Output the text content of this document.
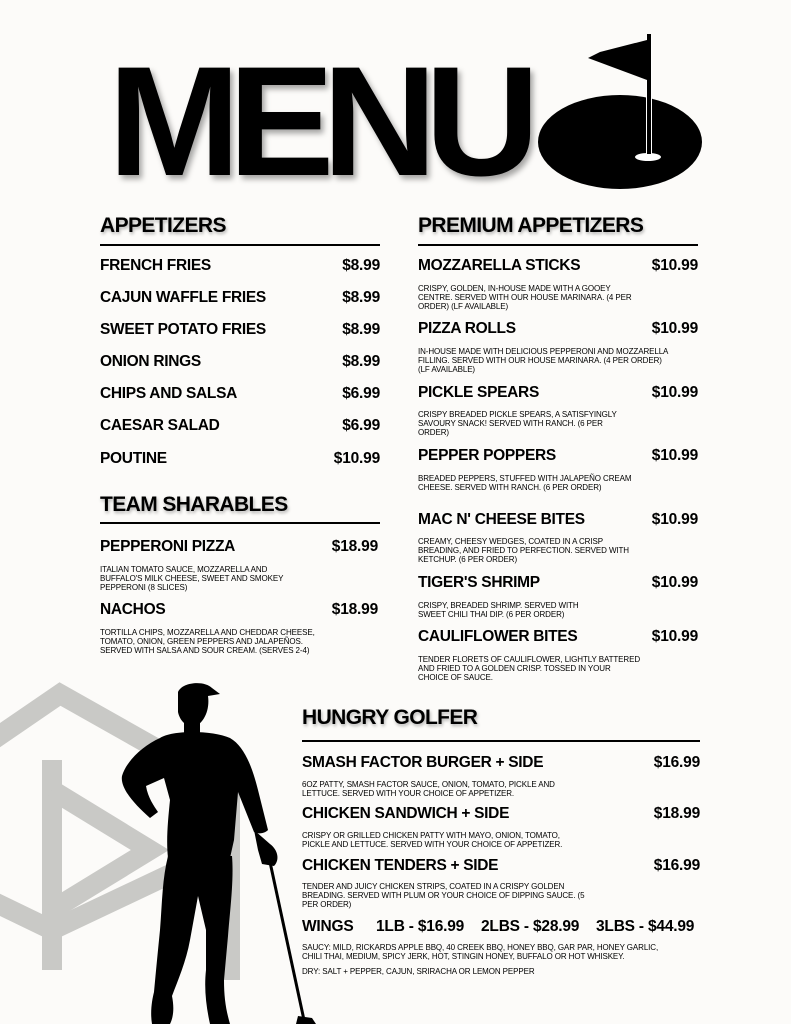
MENU
APPETIZERS
FRENCH FRIES	$8.99
CAJUN WAFFLE FRIES	$8.99
SWEET POTATO FRIES	$8.99
ONION RINGS	$8.99
CHIPS AND SALSA	$6.99
CAESAR SALAD	$6.99
POUTINE	$10.99
TEAM SHARABLES
PEPPERONI PIZZA	$18.99
ITALIAN TOMATO SAUCE, MOZZARELLA AND BUFFALO'S MILK CHEESE, SWEET AND SMOKEY PEPPERONI (8 SLICES)
NACHOS	$18.99
TORTILLA CHIPS, MOZZARELLA AND CHEDDAR CHEESE, TOMATO, ONION, GREEN PEPPERS AND JALAPEÑOS. SERVED WITH SALSA AND SOUR CREAM. (SERVES 2-4)
PREMIUM APPETIZERS
MOZZARELLA STICKS	$10.99
CRISPY, GOLDEN, IN-HOUSE MADE WITH A GOOEY CENTRE. SERVED WITH OUR HOUSE MARINARA. (4 PER ORDER) (LF AVAILABLE)
PIZZA ROLLS	$10.99
IN-HOUSE MADE WITH DELICIOUS PEPPERONI AND MOZZARELLA FILLING. SERVED WITH OUR HOUSE MARINARA. (4 PER ORDER) (LF AVAILABLE)
PICKLE SPEARS	$10.99
CRISPY BREADED PICKLE SPEARS, A SATISFYINGLY SAVOURY SNACK! SERVED WITH RANCH. (6 PER ORDER)
PEPPER POPPERS	$10.99
BREADED PEPPERS, STUFFED WITH JALAPEÑO CREAM CHEESE. SERVED WITH RANCH. (6 PER ORDER)
MAC N' CHEESE BITES	$10.99
CREAMY, CHEESY WEDGES, COATED IN A CRISP BREADING, AND FRIED TO PERFECTION. SERVED WITH KETCHUP. (6 PER ORDER)
TIGER'S SHRIMP	$10.99
CRISPY, BREADED SHRIMP. SERVED WITH SWEET CHILI THAI DIP. (6 PER ORDER)
CAULIFLOWER BITES	$10.99
TENDER FLORETS OF CAULIFLOWER, LIGHTLY BATTERED AND FRIED TO A GOLDEN CRISP. TOSSED IN YOUR CHOICE OF SAUCE.
HUNGRY GOLFER
SMASH FACTOR BURGER + SIDE	$16.99
6OZ PATTY, SMASH FACTOR SAUCE, ONION, TOMATO, PICKLE AND LETTUCE. SERVED WITH YOUR CHOICE OF APPETIZER.
CHICKEN SANDWICH + SIDE	$18.99
CRISPY OR GRILLED CHICKEN PATTY WITH MAYO, ONION, TOMATO, PICKLE AND LETTUCE. SERVED WITH YOUR CHOICE OF APPETIZER.
CHICKEN TENDERS + SIDE	$16.99
TENDER AND JUICY CHICKEN STRIPS, COATED IN A CRISPY GOLDEN BREADING. SERVED WITH PLUM OR YOUR CHOICE OF DIPPING SAUCE. (5 PER ORDER)
WINGS 1LB - $16.99 2LBS - $28.99 3LBS - $44.99
SAUCY: MILD, RICKARDS APPLE BBQ, 40 CREEK BBQ, HONEY BBQ, GAR PAR, HONEY GARLIC, CHILI THAI, MEDIUM, SPICY JERK, HOT, STINGIN HONEY, BUFFALO OR HOT WHISKEY.
DRY: SALT + PEPPER, CAJUN, SRIRACHA OR LEMON PEPPER
